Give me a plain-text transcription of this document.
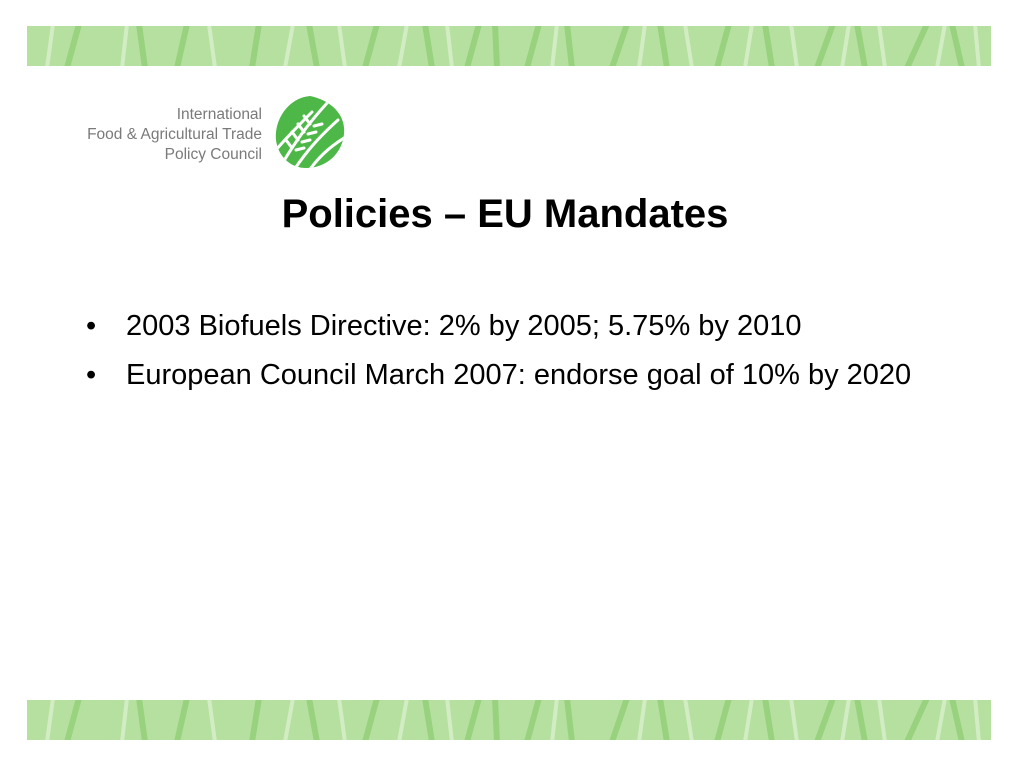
International
Food & Agricultural Trade
Policy Council
Policies – EU Mandates
• 2003 Biofuels Directive: 2% by 2005; 5.75% by 2010
• European Council March 2007: endorse goal of 10% by 2020
